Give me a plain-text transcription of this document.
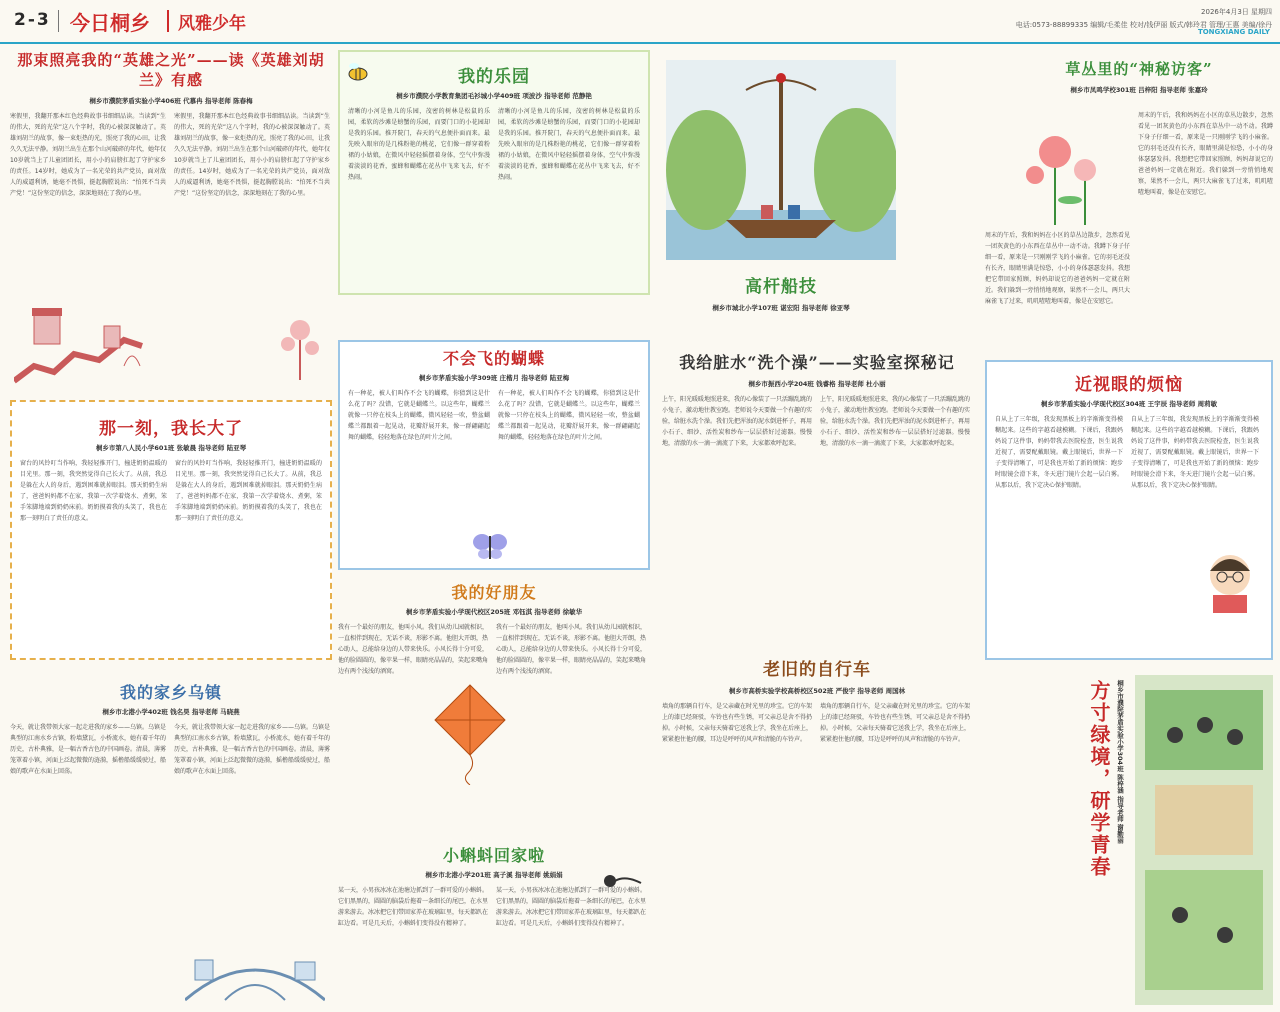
2-3 今日桐乡 风雅少年
2026年4月3日 星期四
电话:0573-88899335 编辑/毛柔佳 校对/钱伊丽 版式/韩玲君 管理/王惠 美编/徐丹
TONGXIANG DAILY
那束照亮我的“英雄之光”——读《英雄刘胡兰》有感
桐乡市濮院茅盾实验小学406班 代慕冉 指导老师 陈春梅
寒假里，我翻开那本红色经典故事书细细品读。当读到“生的伟大，死的光荣”这八个字时，我的心被深深触动了。英雄刘胡兰的故事，像一束炬热的光，照亮了我的心田，让我久久无法平静。刘胡兰出生在那个山河破碎的年代，她年仅10岁就当上了儿童团团长，用小小的肩膀扛起了守护家乡的责任。14岁时，她成为了一名光荣的共产党员，面对敌人的威逼利诱，她毫不畏惧，挺起胸膛说出：“怕死不当共产党！”这份坚定的信念，深深地刻在了我的心里。
寒假里，我翻开那本红色经典故事书细细品读。当读到“生的伟大，死的光荣”这八个字时，我的心被深深触动了。英雄刘胡兰的故事，像一束炬热的光，照亮了我的心田，让我久久无法平静。刘胡兰出生在那个山河破碎的年代，她年仅10岁就当上了儿童团团长，用小小的肩膀扛起了守护家乡的责任。14岁时，她成为了一名光荣的共产党员，面对敌人的威逼利诱，她毫不畏惧，挺起胸膛说出：“怕死不当共产党！”这份坚定的信念，深深地刻在了我的心里。
那一刻，我长大了
桐乡市第八人民小学601班 张敏晨 指导老师 陆亚琴
窗台的风铃叮当作响，我轻轻推开门，撞进奶奶温暖的目光里。那一刻，我突然觉得自己长大了。从前，我总是躲在大人的身后，遇到困难就掉眼泪。那天奶奶生病了，爸爸妈妈都不在家，我第一次学着烧水、煮粥，笨手笨脚地端到奶奶床前。奶奶摸着我的头笑了，我也在那一刻明白了责任的意义。
窗台的风铃叮当作响，我轻轻推开门，撞进奶奶温暖的目光里。那一刻，我突然觉得自己长大了。从前，我总是躲在大人的身后，遇到困难就掉眼泪。那天奶奶生病了，爸爸妈妈都不在家，我第一次学着烧水、煮粥，笨手笨脚地端到奶奶床前。奶奶摸着我的头笑了，我也在那一刻明白了责任的意义。
我的家乡乌镇
桐乡市北港小学402班 钱名昊 指导老师 马晓燕
今天，就让我带领大家一起走进我的家乡——乌镇。乌镇是典型的江南水乡古镇，粉墙黛瓦，小桥流水，她有着千年的历史，古朴典雅，是一幅古香古色的中国画卷。清晨，薄雾笼罩着小镇，河面上泛起微微的涟漪，摇橹船缓缓驶过，船娘的歌声在水面上回荡。
今天，就让我带领大家一起走进我的家乡——乌镇。乌镇是典型的江南水乡古镇，粉墙黛瓦，小桥流水，她有着千年的历史，古朴典雅，是一幅古香古色的中国画卷。清晨，薄雾笼罩着小镇，河面上泛起微微的涟漪，摇橹船缓缓驶过，船娘的歌声在水面上回荡。
我的乐园
桐乡市濮院小学教育集团毛衫城小学409班 项波沙 指导老师 范静艳
清晰的小河是鱼儿的乐园，茂密的树林是松鼠的乐园，柔软的沙滩是螃蟹的乐园，而要门口的小花园却是我的乐园。推开院门，春天的气息便扑面而来。最先映入眼帘的是几株粉艳的桃花，它们像一群穿着粉裙的小姑娘，在微风中轻轻摇摆着身体，空气中弥漫着淡淡的花香，蜜蜂和蝴蝶在花丛中飞来飞去，好不热闹。
清晰的小河是鱼儿的乐园，茂密的树林是松鼠的乐园，柔软的沙滩是螃蟹的乐园，而要门口的小花园却是我的乐园。推开院门，春天的气息便扑面而来。最先映入眼帘的是几株粉艳的桃花，它们像一群穿着粉裙的小姑娘，在微风中轻轻摇摆着身体，空气中弥漫着淡淡的花香，蜜蜂和蝴蝶在花丛中飞来飞去，好不热闹。
不会飞的蝴蝶
桐乡市茅盾实验小学309班 庄楷月 指导老师 陆亚梅
有一种花，被人们叫作不会飞的蝴蝶，你猜到这是什么花了吗？没错，它就是蝴蝶兰。以这些年，蝴蝶兰就像一只停在枝头上的蝴蝶，微风轻轻一吹，整盆蝴蝶兰都跟着一起晃动，花瓣舒展开来，像一群翩翩起舞的蝴蝶，轻轻地落在绿色的叶片之间。
有一种花，被人们叫作不会飞的蝴蝶，你猜到这是什么花了吗？没错，它就是蝴蝶兰。以这些年，蝴蝶兰就像一只停在枝头上的蝴蝶，微风轻轻一吹，整盆蝴蝶兰都跟着一起晃动，花瓣舒展开来，像一群翩翩起舞的蝴蝶，轻轻地落在绿色的叶片之间。
我的好朋友
桐乡市茅盾实验小学现代校区205班 邓钰淇 指导老师 徐敏华
我有一个最好的朋友，他叫小风。我们从幼儿园就相识，一直相伴到现在，无话不谈，形影不离。他胆大开朗，热心助人，总能给身边的人带来快乐。小风长得十分可爱，他的脸圆圆的，像苹果一样，眼睛亮晶晶的，笑起来嘴角边有两个浅浅的酒窝。
我有一个最好的朋友，他叫小风。我们从幼儿园就相识，一直相伴到现在，无话不谈，形影不离。他胆大开朗，热心助人，总能给身边的人带来快乐。小风长得十分可爱，他的脸圆圆的，像苹果一样，眼睛亮晶晶的，笑起来嘴角边有两个浅浅的酒窝。
小蝌蚪回家啦
桐乡市北港小学201班 高子溪 指导老师 姚娟娟
某一天，小男孩冰冰在池塘边抓到了一群可爱的小蝌蚪。它们黑黑的，圆圆的脑袋后拖着一条细长的尾巴，在水里游来游去。冰冰把它们带回家养在玻璃缸里，每天都趴在缸边看。可是几天后，小蝌蚪们变得没有精神了。
某一天，小男孩冰冰在池塘边抓到了一群可爱的小蝌蚪。它们黑黑的，圆圆的脑袋后拖着一条细长的尾巴，在水里游来游去。冰冰把它们带回家养在玻璃缸里，每天都趴在缸边看。可是几天后，小蝌蚪们变得没有精神了。
高杆船技
桐乡市城北小学107班 谌宏阳 指导老师 徐亚琴
我给脏水“洗个澡”——实验室探秘记
桐乡市振西小学204班 钱睿格 指导老师 杜小丽
上午，阳光暖暖地照进来，我的心像装了一只活蹦乱跳的小兔子，激动地往教室跑。老师说今天要做一个有趣的实验，给脏水洗个澡。我们先把浑浊的泥水倒进杯子，再用小石子、细沙、活性炭和纱布一层层搭好过滤器。慢慢地，清澈的水一滴一滴流了下来，大家都欢呼起来。
上午，阳光暖暖地照进来，我的心像装了一只活蹦乱跳的小兔子，激动地往教室跑。老师说今天要做一个有趣的实验，给脏水洗个澡。我们先把浑浊的泥水倒进杯子，再用小石子、细沙、活性炭和纱布一层层搭好过滤器。慢慢地，清澈的水一滴一滴流了下来，大家都欢呼起来。
老旧的自行车
桐乡市高桥实验学校高桥校区502班 严俊宇 指导老师 周国林
墙角的那辆自行车，是父亲藏在时光里的珍宝。它的车架上的漆已经斑驳，车铃也有些生锈，可父亲总是舍不得扔掉。小时候，父亲每天骑着它送我上学，我坐在后座上，紧紧抱住他的腰，耳边是呼呼的风声和清脆的车铃声。
墙角的那辆自行车，是父亲藏在时光里的珍宝。它的车架上的漆已经斑驳，车铃也有些生锈，可父亲总是舍不得扔掉。小时候，父亲每天骑着它送我上学，我坐在后座上，紧紧抱住他的腰，耳边是呼呼的风声和清脆的车铃声。
草丛里的“神秘访客”
桐乡市凤鸣学校301班 吕梓阳 指导老师 张嘉玲
周末的午后，我和妈妈在小区的草丛边散步，忽然看见一团灰黄色的小东西在草丛中一动不动。我蹲下身子仔细一看，原来是一只刚刚学飞的小麻雀。它的羽毛还没有长齐，眼睛里满是惊恐，小小的身体瑟瑟发抖。我想把它带回家照顾，妈妈却说它的爸爸妈妈一定就在附近。我们躲到一旁悄悄地观察，果然不一会儿，两只大麻雀飞了过来，叽叽喳喳地叫着，像是在安慰它。
周末的午后，我和妈妈在小区的草丛边散步，忽然看见一团灰黄色的小东西在草丛中一动不动。我蹲下身子仔细一看，原来是一只刚刚学飞的小麻雀。它的羽毛还没有长齐，眼睛里满是惊恐，小小的身体瑟瑟发抖。我想把它带回家照顾，妈妈却说它的爸爸妈妈一定就在附近。我们躲到一旁悄悄地观察，果然不一会儿，两只大麻雀飞了过来，叽叽喳喳地叫着，像是在安慰它。
近视眼的烦恼
桐乡市茅盾实验小学现代校区304班 王宇辰 指导老师 周莉敏
自从上了三年级，我发现黑板上的字渐渐变得模糊起来。这些的字越看越模糊。下课后，我跟妈妈说了这件事，妈妈带我去医院检查，医生说我近视了，需要配戴眼镜。戴上眼镜后，世界一下子变得清晰了，可是我也开始了新的烦恼：跑步时眼镜会滑下来，冬天进门镜片会起一层白雾。从那以后，我下定决心保护眼睛。
自从上了三年级，我发现黑板上的字渐渐变得模糊起来。这些的字越看越模糊。下课后，我跟妈妈说了这件事，妈妈带我去医院检查，医生说我近视了，需要配戴眼镜。戴上眼镜后，世界一下子变得清晰了，可是我也开始了新的烦恼：跑步时眼镜会滑下来，冬天进门镜片会起一层白雾。从那以后，我下定决心保护眼睛。
方寸绿境，研学青春 桐乡市濮院茅盾实验小学304班 陈梓涵 指导老师 谢勤丽
